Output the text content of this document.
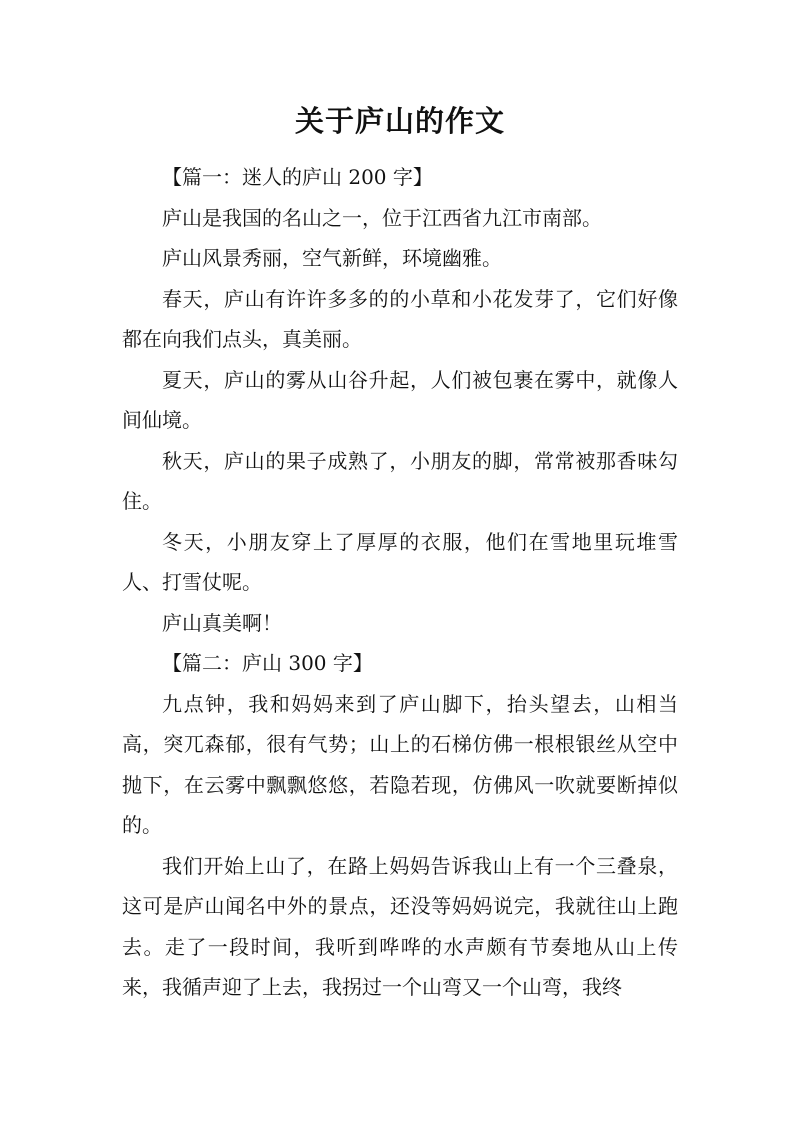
关于庐山的作文

【篇一：迷人的庐山 200 字】

庐山是我国的名山之一，位于江西省九江市南部。

庐山风景秀丽，空气新鲜，环境幽雅。

春天，庐山有许许多多的的小草和小花发芽了，它们好像都在向我们点头，真美丽。

夏天，庐山的雾从山谷升起，人们被包裹在雾中，就像人间仙境。

秋天，庐山的果子成熟了，小朋友的脚，常常被那香味勾住。

冬天，小朋友穿上了厚厚的衣服，他们在雪地里玩堆雪人、打雪仗呢。

庐山真美啊！

【篇二：庐山 300 字】

九点钟，我和妈妈来到了庐山脚下，抬头望去，山相当高，突兀森郁，很有气势；山上的石梯仿佛一根根银丝从空中抛下，在云雾中飘飘悠悠，若隐若现，仿佛风一吹就要断掉似的。

我们开始上山了，在路上妈妈告诉我山上有一个三叠泉，这可是庐山闻名中外的景点，还没等妈妈说完，我就往山上跑去。走了一段时间，我听到哗哗的水声颇有节奏地从山上传来，我循声迎了上去，我拐过一个山弯又一个山弯，我终
